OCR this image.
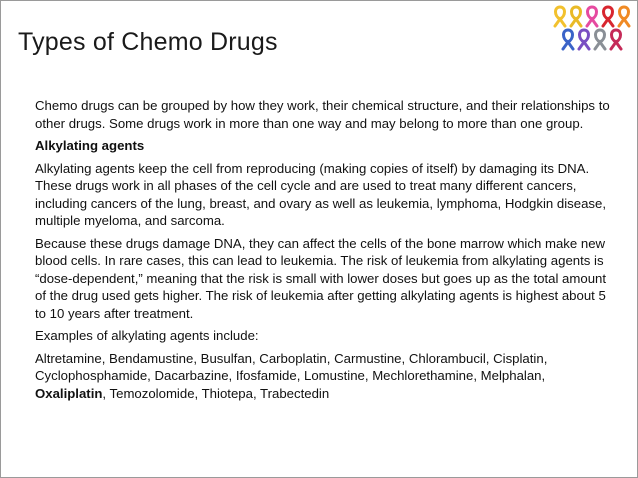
Types of Chemo Drugs

Chemo drugs can be grouped by how they work, their chemical structure, and their relationships to other drugs. Some drugs work in more than one way and may belong to more than one group.

Alkylating agents

Alkylating agents keep the cell from reproducing (making copies of itself) by damaging its DNA. These drugs work in all phases of the cell cycle and are used to treat many different cancers, including cancers of the lung, breast, and ovary as well as leukemia, lymphoma, Hodgkin disease, multiple myeloma, and sarcoma.

Because these drugs damage DNA, they can affect the cells of the bone marrow which make new blood cells. In rare cases, this can lead to leukemia. The risk of leukemia from alkylating agents is “dose-dependent,” meaning that the risk is small with lower doses but goes up as the total amount of the drug used gets higher. The risk of leukemia after getting alkylating agents is highest about 5 to 10 years after treatment.

Examples of alkylating agents include:

Altretamine, Bendamustine, Busulfan, Carboplatin, Carmustine, Chlorambucil, Cisplatin, Cyclophosphamide, Dacarbazine, Ifosfamide, Lomustine, Mechlorethamine, Melphalan,
Oxaliplatin, Temozolomide, Thiotepa, Trabectedin
